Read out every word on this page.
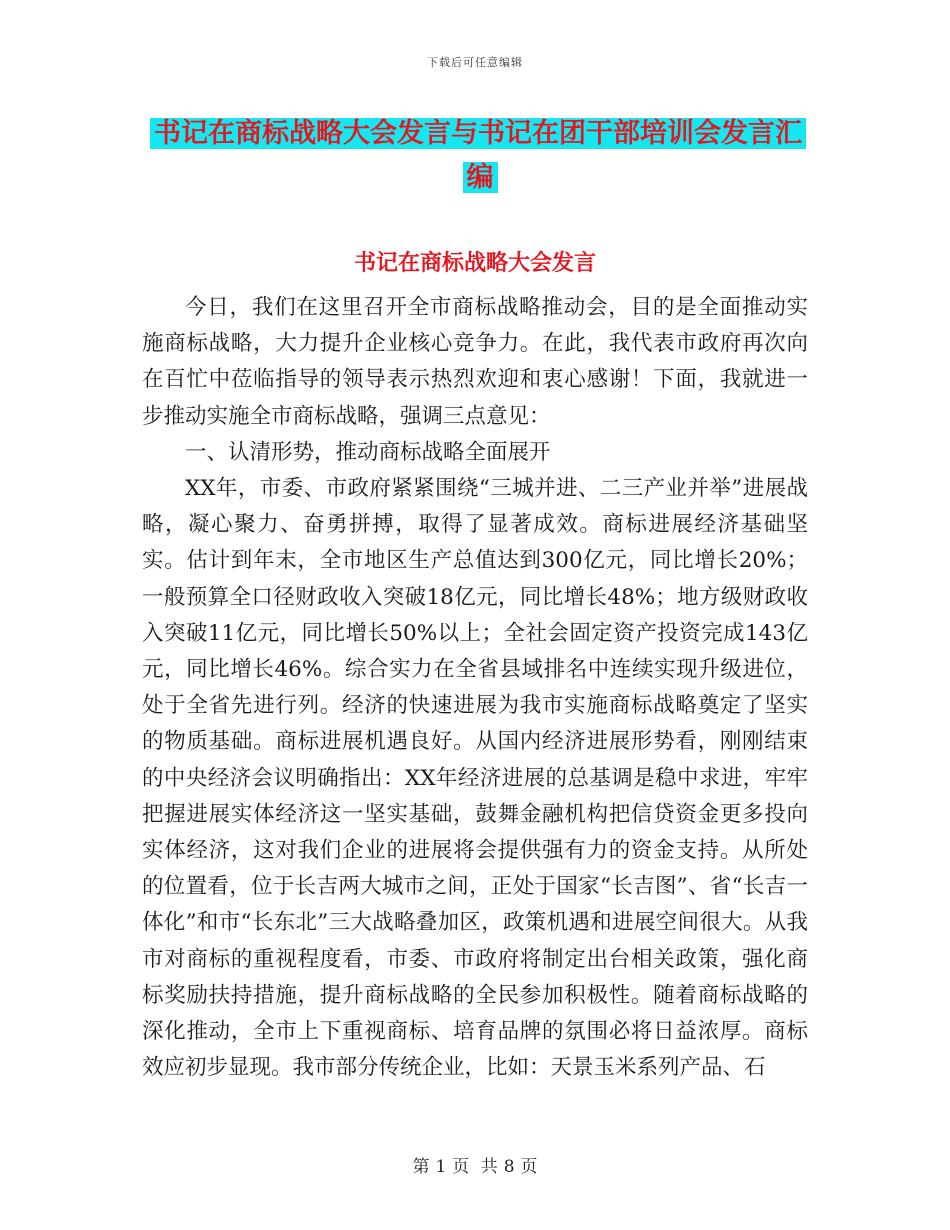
下载后可任意编辑
书记在商标战略大会发言与书记在团干部培训会发言汇编
书记在商标战略大会发言

今日，我们在这里召开全市商标战略推动会，目的是全面推动实施商标战略，大力提升企业核心竞争力。在此，我代表市政府再次向在百忙中莅临指导的领导表示热烈欢迎和衷心感谢！下面，我就进一步推动实施全市商标战略，强调三点意见：

一、认清形势，推动商标战略全面展开

XX年，市委、市政府紧紧围绕“三城并进、二三产业并举”进展战略，凝心聚力、奋勇拼搏，取得了显著成效。商标进展经济基础坚实。估计到年末，全市地区生产总值达到300亿元，同比增长20%；一般预算全口径财政收入突破18亿元，同比增长48%；地方级财政收入突破11亿元，同比增长50%以上；全社会固定资产投资完成143亿元，同比增长46%。综合实力在全省县域排名中连续实现升级进位，处于全省先进行列。经济的快速进展为我市实施商标战略奠定了坚实的物质基础。商标进展机遇良好。从国内经济进展形势看，刚刚结束的中央经济会议明确指出：XX年经济进展的总基调是稳中求进，牢牢把握进展实体经济这一坚实基础，鼓舞金融机构把信贷资金更多投向实体经济，这对我们企业的进展将会提供强有力的资金支持。从所处的位置看，位于长吉两大城市之间，正处于国家“长吉图”、省“长吉一体化”和市“长东北”三大战略叠加区，政策机遇和进展空间很大。从我市对商标的重视程度看，市委、市政府将制定出台相关政策，强化商标奖励扶持措施，提升商标战略的全民参加积极性。随着商标战略的深化推动，全市上下重视商标、培育品牌的氛围必将日益浓厚。商标效应初步显现。我市部分传统企业，比如：天景玉米系列产品、石

第 1 页 共 8 页
